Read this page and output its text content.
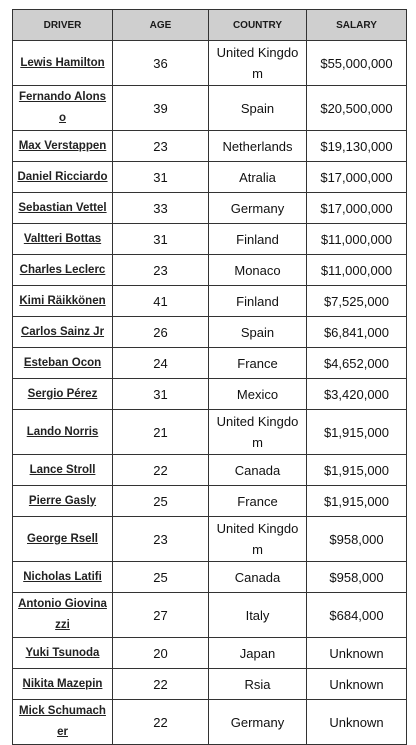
DRIVER	AGE	COUNTRY	SALARY
Lewis Hamilton	36	United Kingdom	$55,000,000
Fernando Alonso	39	Spain	$20,500,000
Max Verstappen	23	Netherlands	$19,130,000
Daniel Ricciardo	31	Atralia	$17,000,000
Sebastian Vettel	33	Germany	$17,000,000
Valtteri Bottas	31	Finland	$11,000,000
Charles Leclerc	23	Monaco	$11,000,000
Kimi Räikkönen	41	Finland	$7,525,000
Carlos Sainz Jr	26	Spain	$6,841,000
Esteban Ocon	24	France	$4,652,000
Sergio Pérez	31	Mexico	$3,420,000
Lando Norris	21	United Kingdom	$1,915,000
Lance Stroll	22	Canada	$1,915,000
Pierre Gasly	25	France	$1,915,000
George Rsell	23	United Kingdom	$958,000
Nicholas Latifi	25	Canada	$958,000
Antonio Giovinazzi	27	Italy	$684,000
Yuki Tsunoda	20	Japan	Unknown
Nikita Mazepin	22	Rsia	Unknown
Mick Schumacher	22	Germany	Unknown
